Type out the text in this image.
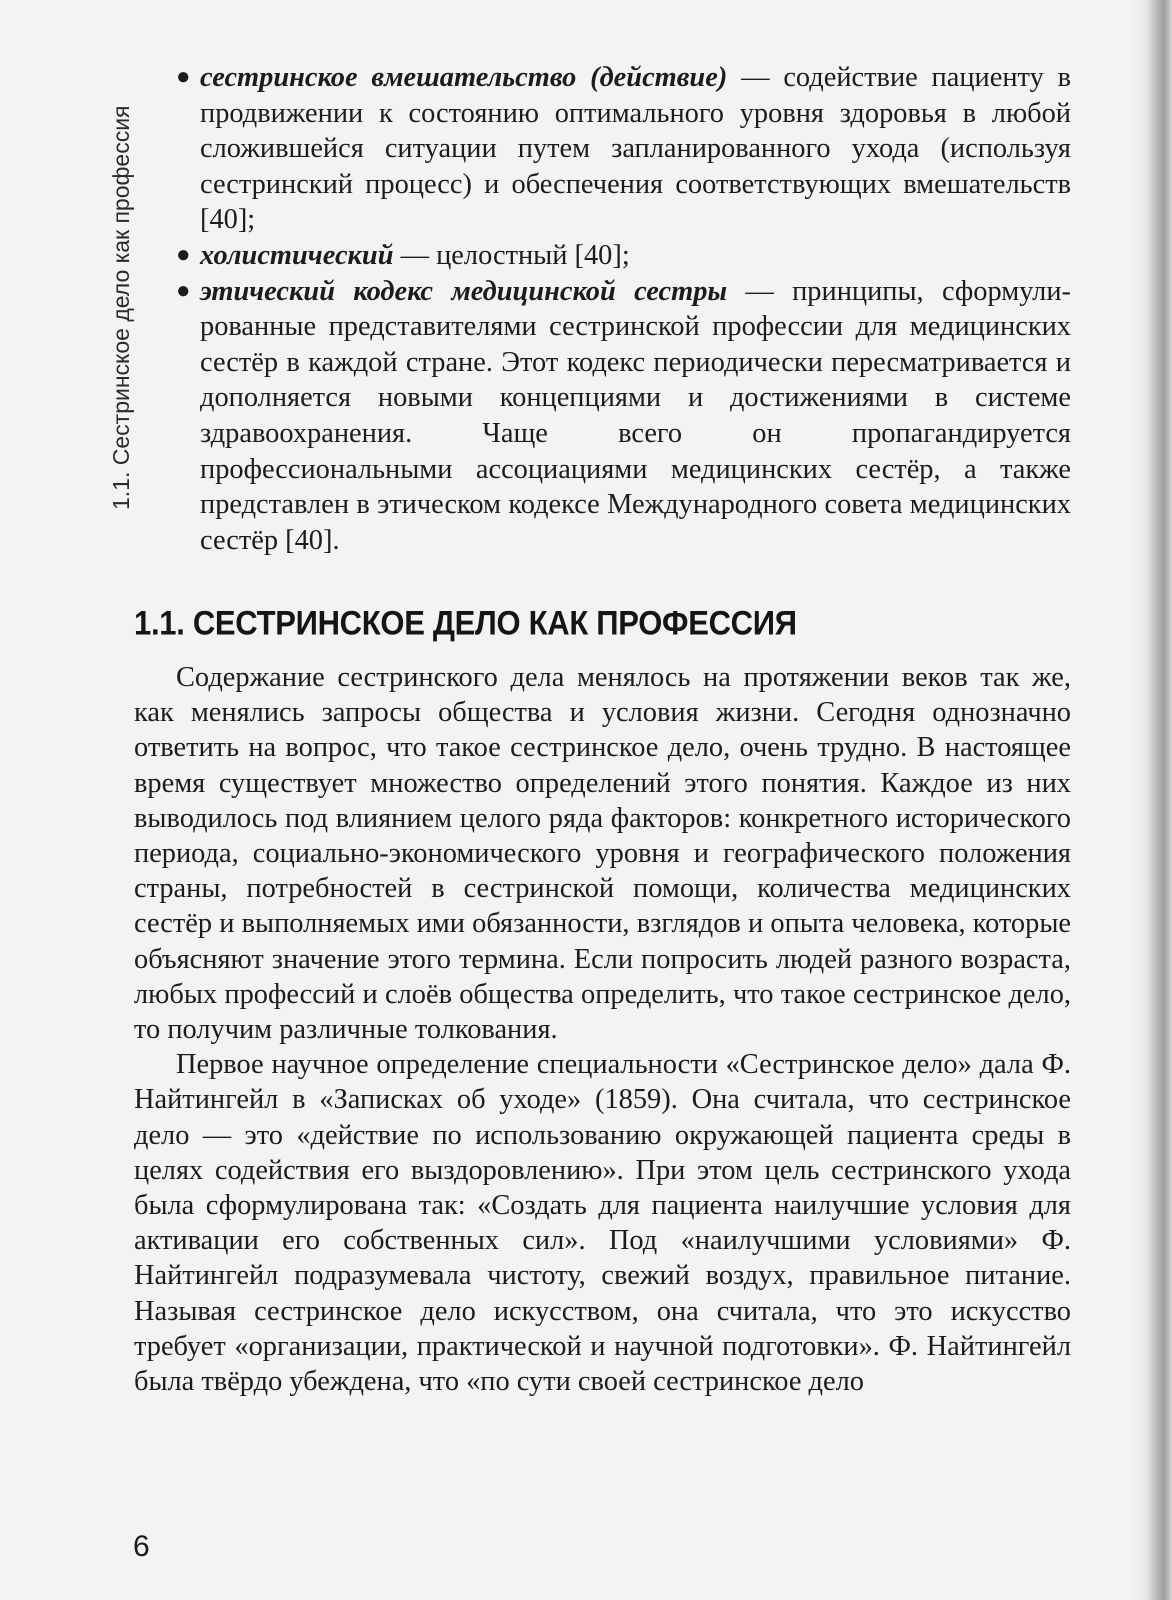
1.1. Сестринское дело как профессия
● сестринское вмешательство (действие) — содействие пациенту в продвижении к состоянию оптимального уровня здоровья в любой сложившейся ситуации путем запланированного ухода (используя сестринский процесс) и обеспечения соответствующих вмешательств [40];
● холистический — целостный [40];
● этический кодекс медицинской сестры — принципы, сформулированные представителями сестринской профессии для медицинских сестёр в каждой стране. Этот кодекс периодически пересматривается и дополняется новыми концепциями и достижениями в системе здравоохранения. Чаще всего он пропагандируется профессиональными ассоциациями медицинских сестёр, а также представлен в этическом кодексе Международного совета медицинских сестёр [40].
1.1. СЕСТРИНСКОЕ ДЕЛО КАК ПРОФЕССИЯ

Содержание сестринского дела менялось на протяжении веков так же, как менялись запросы общества и условия жизни. Сегодня однозначно ответить на вопрос, что такое сестринское дело, очень трудно. В настоящее время существует множество определений этого понятия. Каждое из них выводилось под влиянием целого ряда факторов: конкретного исторического периода, социально-экономического уровня и географического положения страны, потребностей в сестринской помощи, количества медицинских сестёр и выполняемых ими обязанности, взглядов и опыта человека, которые объясняют значение этого термина. Если попросить людей разного возраста, любых профессий и слоёв общества определить, что такое сестринское дело, то получим различные толкования.

Первое научное определение специальности «Сестринское дело» дала Ф. Найтингейл в «Записках об уходе» (1859). Она считала, что сестринское дело — это «действие по использованию окружающей пациента среды в целях содействия его выздоровлению». При этом цель сестринского ухода была сформулирована так: «Создать для пациента наилучшие условия для активации его собственных сил». Под «наилучшими условиями» Ф. Найтингейл подразумевала чистоту, свежий воздух, правильное питание. Называя сестринское дело искусством, она считала, что это искусство требует «организации, практической и научной подготовки». Ф. Найтингейл была твёрдо убеждена, что «по сути своей сестринское дело

6
